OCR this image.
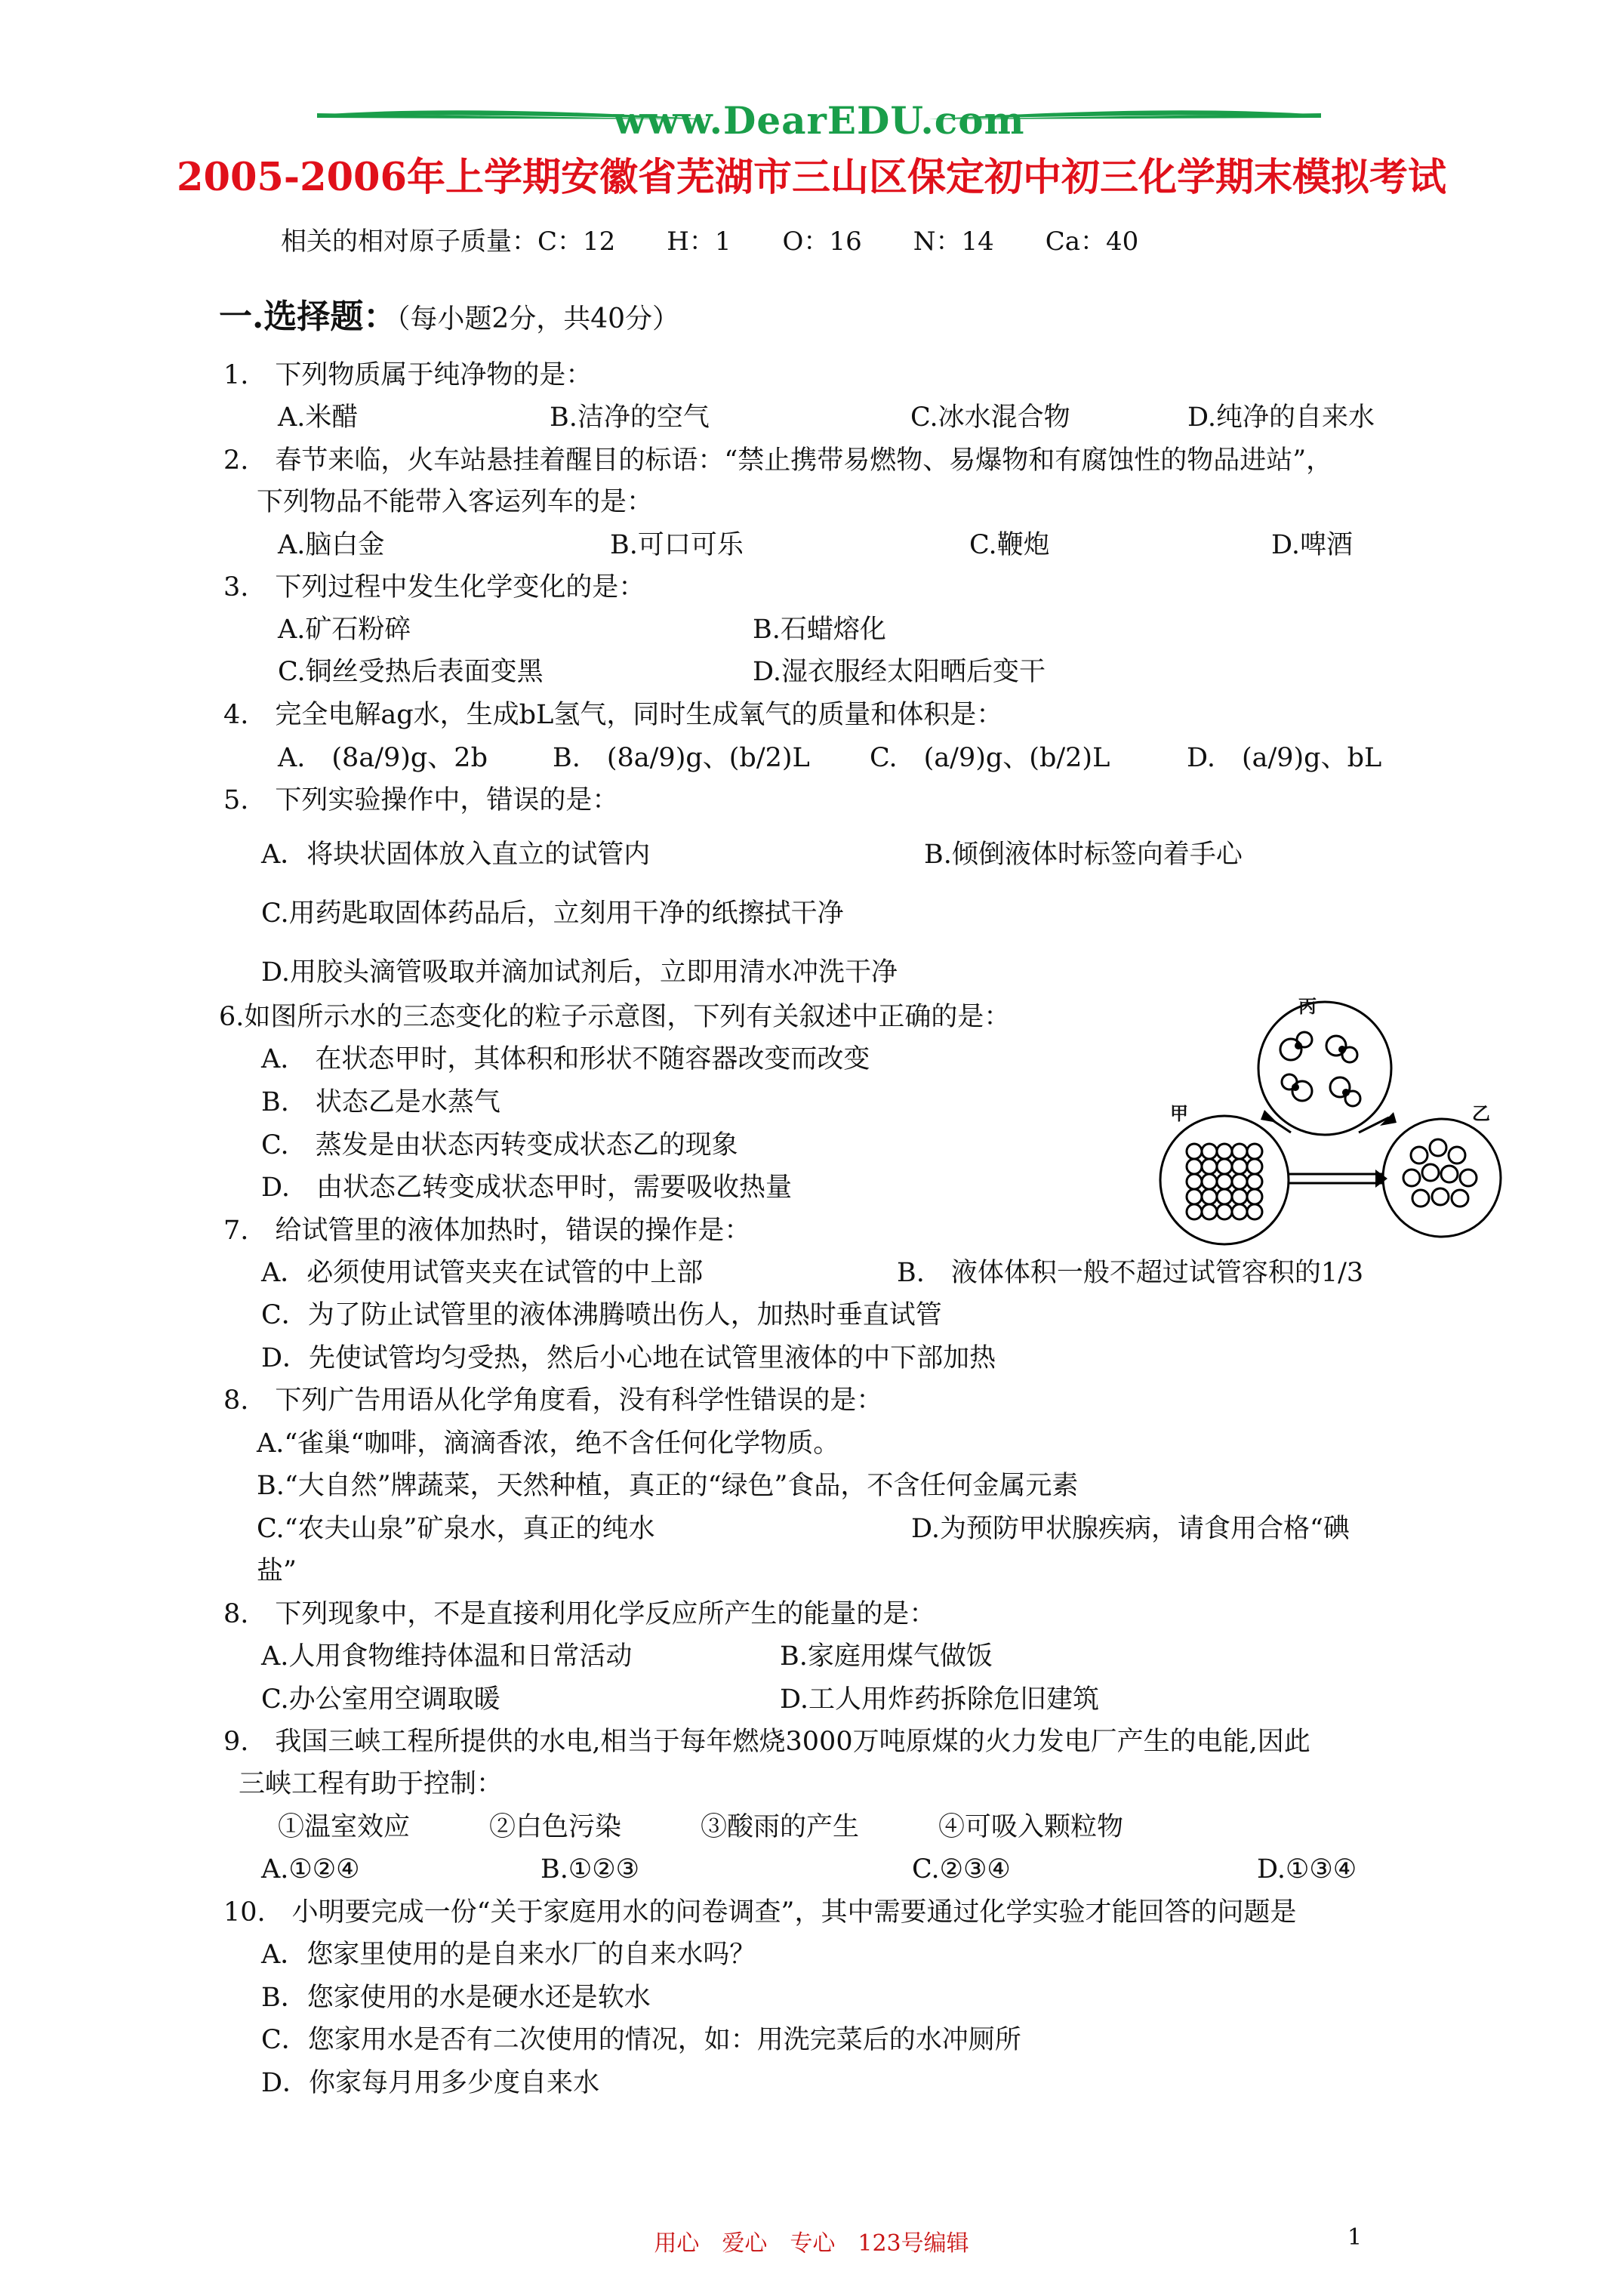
www.DearEDU.com
2005-2006年上学期安徽省芜湖市三山区保定初中初三化学期末模拟考试
相关的相对原子质量：C：12　　H：1　　O：16　　N：14　　Ca：40
一.选择题：（每小题2分，共40分）
1.　下列物质属于纯净物的是：
A.米醋	B.洁净的空气	C.冰水混合物	D.纯净的自来水
2.　春节来临，火车站悬挂着醒目的标语：“禁止携带易燃物、易爆物和有腐蚀性的物品进站”，
下列物品不能带入客运列车的是：
A.脑白金	B.可口可乐	C.鞭炮	D.啤酒
3.　下列过程中发生化学变化的是：
A.矿石粉碎	B.石蜡熔化
C.铜丝受热后表面变黑	D.湿衣服经太阳晒后变干
4.　完全电解ag水，生成bL氢气，同时生成氧气的质量和体积是：
A.　(8a/9)g、2b B.　(8a/9)g、(b/2)L C.　(a/9)g、(b/2)L	D.　(a/9)g、bL
5.　下列实验操作中，错误的是：
A．将块状固体放入直立的试管内	B.倾倒液体时标签向着手心
C.用药匙取固体药品后，立刻用干净的纸擦拭干净
D.用胶头滴管吸取并滴加试剂后，立即用清水冲洗干净
6.如图所示水的三态变化的粒子示意图，下列有关叙述中正确的是：
A.　在状态甲时，其体积和形状不随容器改变而改变
B.　状态乙是水蒸气
C.　蒸发是由状态丙转变成状态乙的现象
D.　由状态乙转变成状态甲时，需要吸收热量
丙
甲	乙
7.　给试管里的液体加热时，错误的操作是：
A．必须使用试管夹夹在试管的中上部	B.　液体体积一般不超过试管容积的1/3
C．为了防止试管里的液体沸腾喷出伤人，加热时垂直试管
D．先使试管均匀受热，然后小心地在试管里液体的中下部加热
8.　下列广告用语从化学角度看，没有科学性错误的是：
A.“雀巢“咖啡，滴滴香浓，绝不含任何化学物质。
B.“大自然”牌蔬菜，天然种植，真正的“绿色”食品，不含任何金属元素
C.“农夫山泉”矿泉水，真正的纯水	D.为预防甲状腺疾病，请食用合格“碘
盐”
8.　下列现象中，不是直接利用化学反应所产生的能量的是：
A.人用食物维持体温和日常活动	B.家庭用煤气做饭
C.办公室用空调取暖	D.工人用炸药拆除危旧建筑
9.　我国三峡工程所提供的水电,相当于每年燃烧3000万吨原煤的火力发电厂产生的电能,因此
三峡工程有助于控制：
①温室效应　　　②白色污染　　　③酸雨的产生　　　④可吸入颗粒物
A.①②④	B.①②③	C.②③④	D.①③④
10.　小明要完成一份“关于家庭用水的问卷调查”，其中需要通过化学实验才能回答的问题是
A．您家里使用的是自来水厂的自来水吗？
B．您家使用的水是硬水还是软水
C．您家用水是否有二次使用的情况，如：用洗完菜后的水冲厕所
D．你家每月用多少度自来水
用心　爱心　专心　123号编辑	1
